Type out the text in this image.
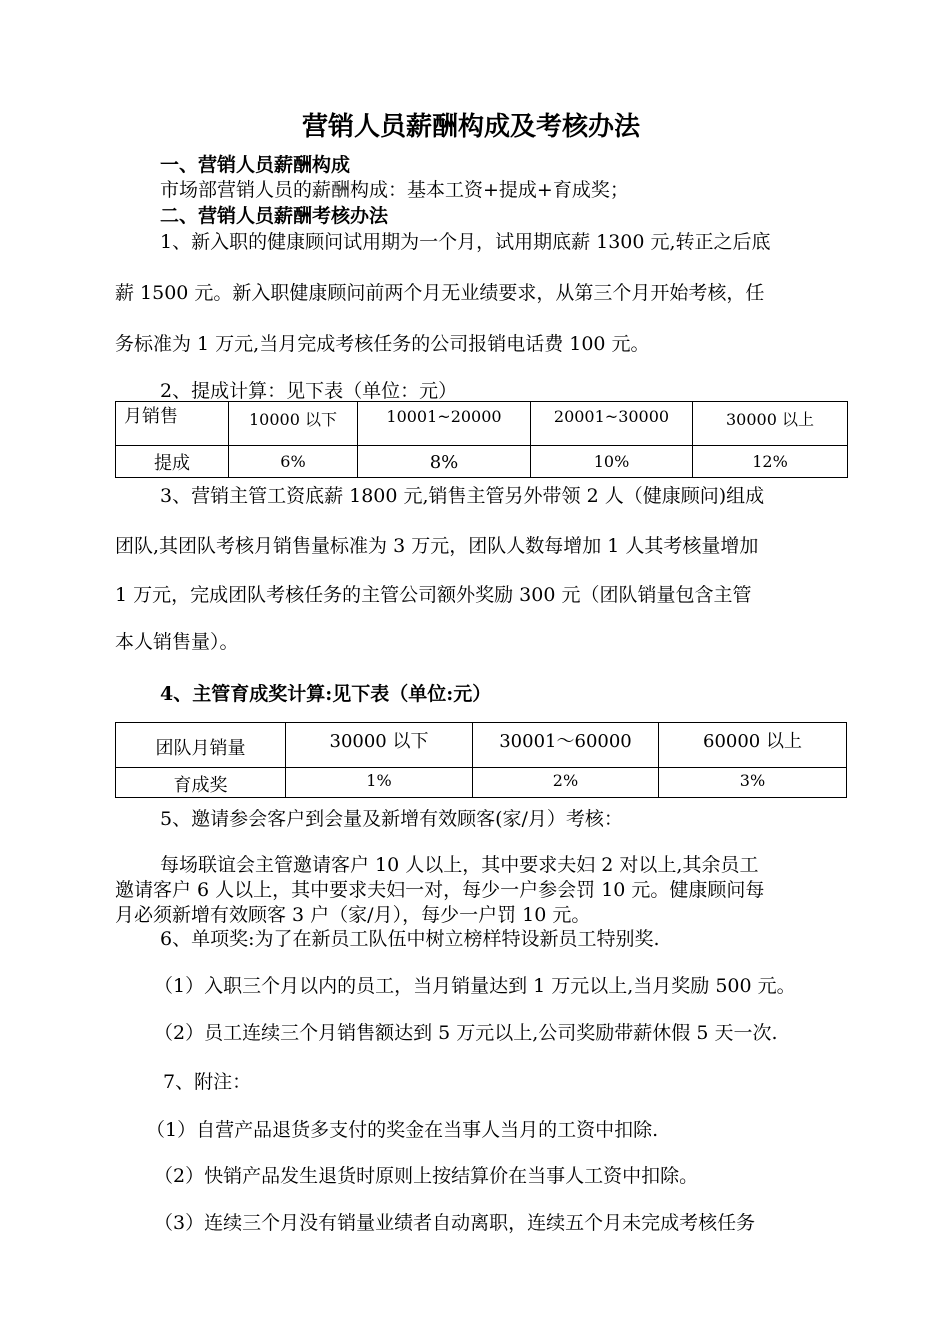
营销人员薪酬构成及考核办法
一、营销人员薪酬构成
市场部营销人员的薪酬构成：基本工资+提成+育成奖；
二、营销人员薪酬考核办法
1、新入职的健康顾问试用期为一个月，试用期底薪 1300 元,转正之后底
薪 1500 元。新入职健康顾问前两个月无业绩要求，从第三个月开始考核，任
务标准为 1 万元,当月完成考核任务的公司报销电话费 100 元。
2、提成计算：见下表（单位：元）
月销售	10000 以下	10001~20000	20001~30000	30000 以上
提成	6%	8%	10%	12%
3、营销主管工资底薪 1800 元,销售主管另外带领 2 人（健康顾问)组成
团队,其团队考核月销售量标准为 3 万元，团队人数每增加 1 人其考核量增加
1 万元，完成团队考核任务的主管公司额外奖励 300 元（团队销量包含主管
本人销售量）。
4、主管育成奖计算:见下表（单位:元）
团队月销量	30000 以下	30001～60000	60000 以上
育成奖	1%	2%	3%
5、邀请参会客户到会量及新增有效顾客(家/月）考核：
每场联谊会主管邀请客户 10 人以上，其中要求夫妇 2 对以上,其余员工
邀请客户 6 人以上，其中要求夫妇一对，每少一户参会罚 10 元。健康顾问每
月必须新增有效顾客 3 户（家/月），每少一户罚 10 元。
6、单项奖:为了在新员工队伍中树立榜样特设新员工特别奖.
（1）入职三个月以内的员工，当月销量达到 1 万元以上,当月奖励 500 元。
（2）员工连续三个月销售额达到 5 万元以上,公司奖励带薪休假 5 天一次.
7、附注：
（1）自营产品退货多支付的奖金在当事人当月的工资中扣除.
（2）快销产品发生退货时原则上按结算价在当事人工资中扣除。
（3）连续三个月没有销量业绩者自动离职，连续五个月未完成考核任务
